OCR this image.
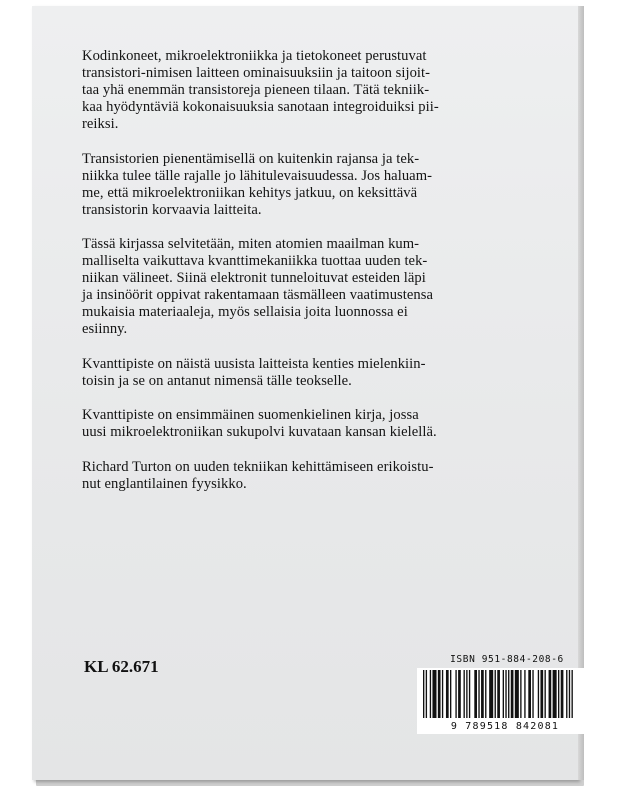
Kodinkoneet, mikroelektroniikka ja tietokoneet perustuvat
transistori-nimisen laitteen ominaisuuksiin ja taitoon sijoit-
taa yhä enemmän transistoreja pieneen tilaan. Tätä tekniik-
kaa hyödyntäviä kokonaisuuksia sanotaan integroiduiksi pii-
reiksi.

Transistorien pienentämisellä on kuitenkin rajansa ja tek-
niikka tulee tälle rajalle jo lähitulevaisuudessa. Jos haluam-
me, että mikroelektroniikan kehitys jatkuu, on keksittävä
transistorin korvaavia laitteita.

Tässä kirjassa selvitetään, miten atomien maailman kum-
malliselta vaikuttava kvanttimekaniikka tuottaa uuden tek-
niikan välineet. Siinä elektronit tunneloituvat esteiden läpi
ja insinöörit oppivat rakentamaan täsmälleen vaatimustensa
mukaisia materiaaleja, myös sellaisia joita luonnossa ei
esiinny.

Kvanttipiste on näistä uusista laitteista kenties mielenkiin-
toisin ja se on antanut nimensä tälle teokselle.

Kvanttipiste on ensimmäinen suomenkielinen kirja, jossa
uusi mikroelektroniikan sukupolvi kuvataan kansan kielellä.

Richard Turton on uuden tekniikan kehittämiseen erikoistu-
nut englantilainen fyysikko.

KL 62.671	ISBN 951-884-208-6
9 789518 842081
